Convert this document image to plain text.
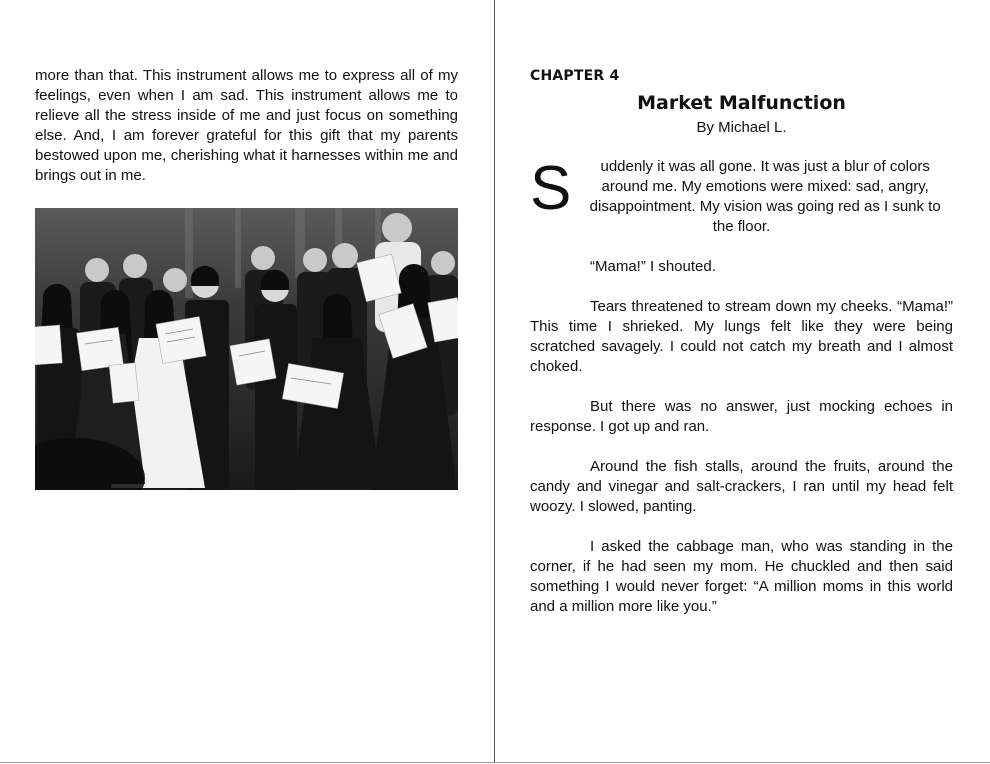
more than that. This instrument allows me to express all of my feelings, even when I am sad. This instrument allows me to relieve all the stress inside of me and just focus on something else. And, I am forever grateful for this gift that my parents bestowed upon me, cherishing what it harnesses within me and brings out in me.
CHAPTER 4
Market Malfunction
By Michael L.
S	uddenly it was all gone. It was just a blur of colors around me. My emotions were mixed: sad, angry, disappointment. My vision was going red as I sunk to the floor.
“Mama!” I shouted.
Tears threatened to stream down my cheeks. “Mama!” This time I shrieked. My lungs felt like they were being scratched savagely. I could not catch my breath and I almost choked.
But there was no answer, just mocking echoes in response. I got up and ran.
Around the fish stalls, around the fruits, around the candy and vinegar and salt-crackers, I ran until my head felt woozy. I slowed, panting.
I asked the cabbage man, who was standing in the corner, if he had seen my mom. He chuckled and then said something I would never forget: “A million moms in this world and a million more like you.”
